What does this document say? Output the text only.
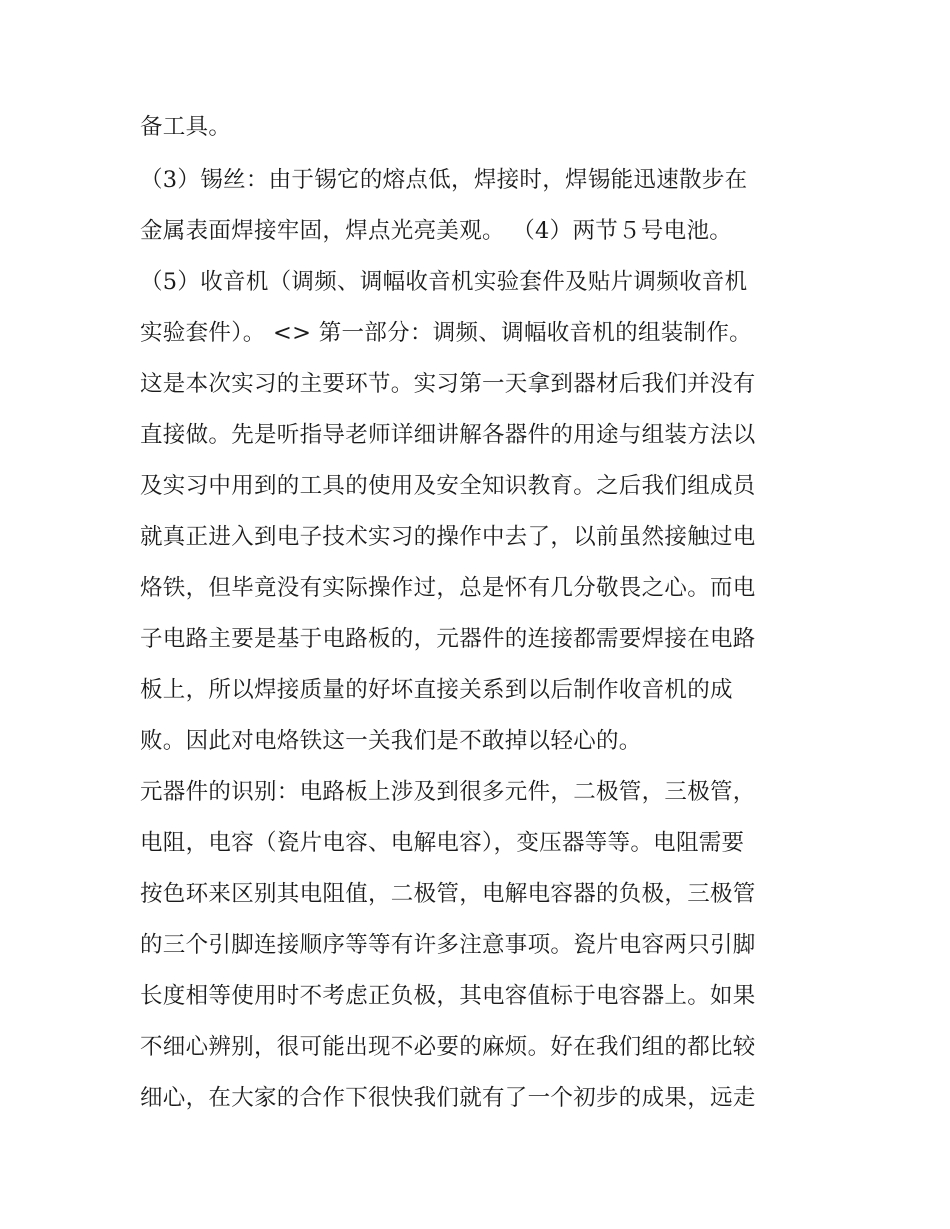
备工具。
（3）锡丝：由于锡它的熔点低，焊接时，焊锡能迅速散步在
金属表面焊接牢固，焊点光亮美观。 （4）两节５号电池。
（5）收音机（调频、调幅收音机实验套件及贴片调频收音机
实验套件）。 <> 第一部分：调频、调幅收音机的组装制作。
这是本次实习的主要环节。实习第一天拿到器材后我们并没有
直接做。先是听指导老师详细讲解各器件的用途与组装方法以
及实习中用到的工具的使用及安全知识教育。之后我们组成员
就真正进入到电子技术实习的操作中去了，以前虽然接触过电
烙铁，但毕竟没有实际操作过，总是怀有几分敬畏之心。而电
子电路主要是基于电路板的，元器件的连接都需要焊接在电路
板上，所以焊接质量的好坏直接关系到以后制作收音机的成
败。因此对电烙铁这一关我们是不敢掉以轻心的。
元器件的识别：电路板上涉及到很多元件，二极管，三极管，
电阻，电容（瓷片电容、电解电容），变压器等等。电阻需要
按色环来区别其电阻值，二极管，电解电容器的负极，三极管
的三个引脚连接顺序等等有许多注意事项。瓷片电容两只引脚
长度相等使用时不考虑正负极，其电容值标于电容器上。如果
不细心辨别，很可能出现不必要的麻烦。好在我们组的都比较
细心，在大家的合作下很快我们就有了一个初步的成果，远走
